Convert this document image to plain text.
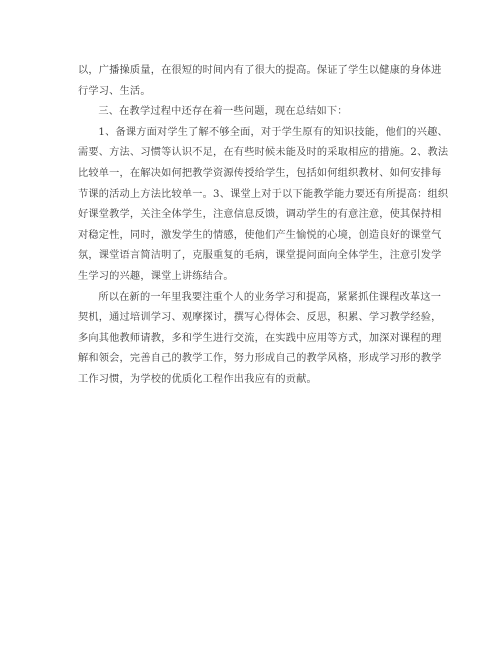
以，广播操质量，在很短的时间内有了很大的提高。保证了学生以健康的身体进
行学习、生活。

三、在教学过程中还存在着一些问题，现在总结如下：

1、备课方面对学生了解不够全面，对于学生原有的知识技能，他们的兴趣、
需要、方法、习惯等认识不足，在有些时候未能及时的采取相应的措施。2、教法
比较单一，在解决如何把教学资源传授给学生，包括如何组织教材、如何安排每
节课的活动上方法比较单一。3、课堂上对于以下能教学能力要还有所提高：组织
好课堂教学，关注全体学生，注意信息反馈，调动学生的有意注意，使其保持相
对稳定性，同时，激发学生的情感，使他们产生愉悦的心境，创造良好的课堂气
氛，课堂语言简洁明了，克服重复的毛病，课堂提问面向全体学生，注意引发学
生学习的兴趣，课堂上讲练结合。

所以在新的一年里我要注重个人的业务学习和提高，紧紧抓住课程改革这一
契机，通过培训学习、观摩探讨，撰写心得体会、反思，积累、学习教学经验，
多向其他教师请教，多和学生进行交流，在实践中应用等方式，加深对课程的理
解和领会，完善自己的教学工作，努力形成自己的教学风格，形成学习形的教学
工作习惯，为学校的优质化工程作出我应有的贡献。
